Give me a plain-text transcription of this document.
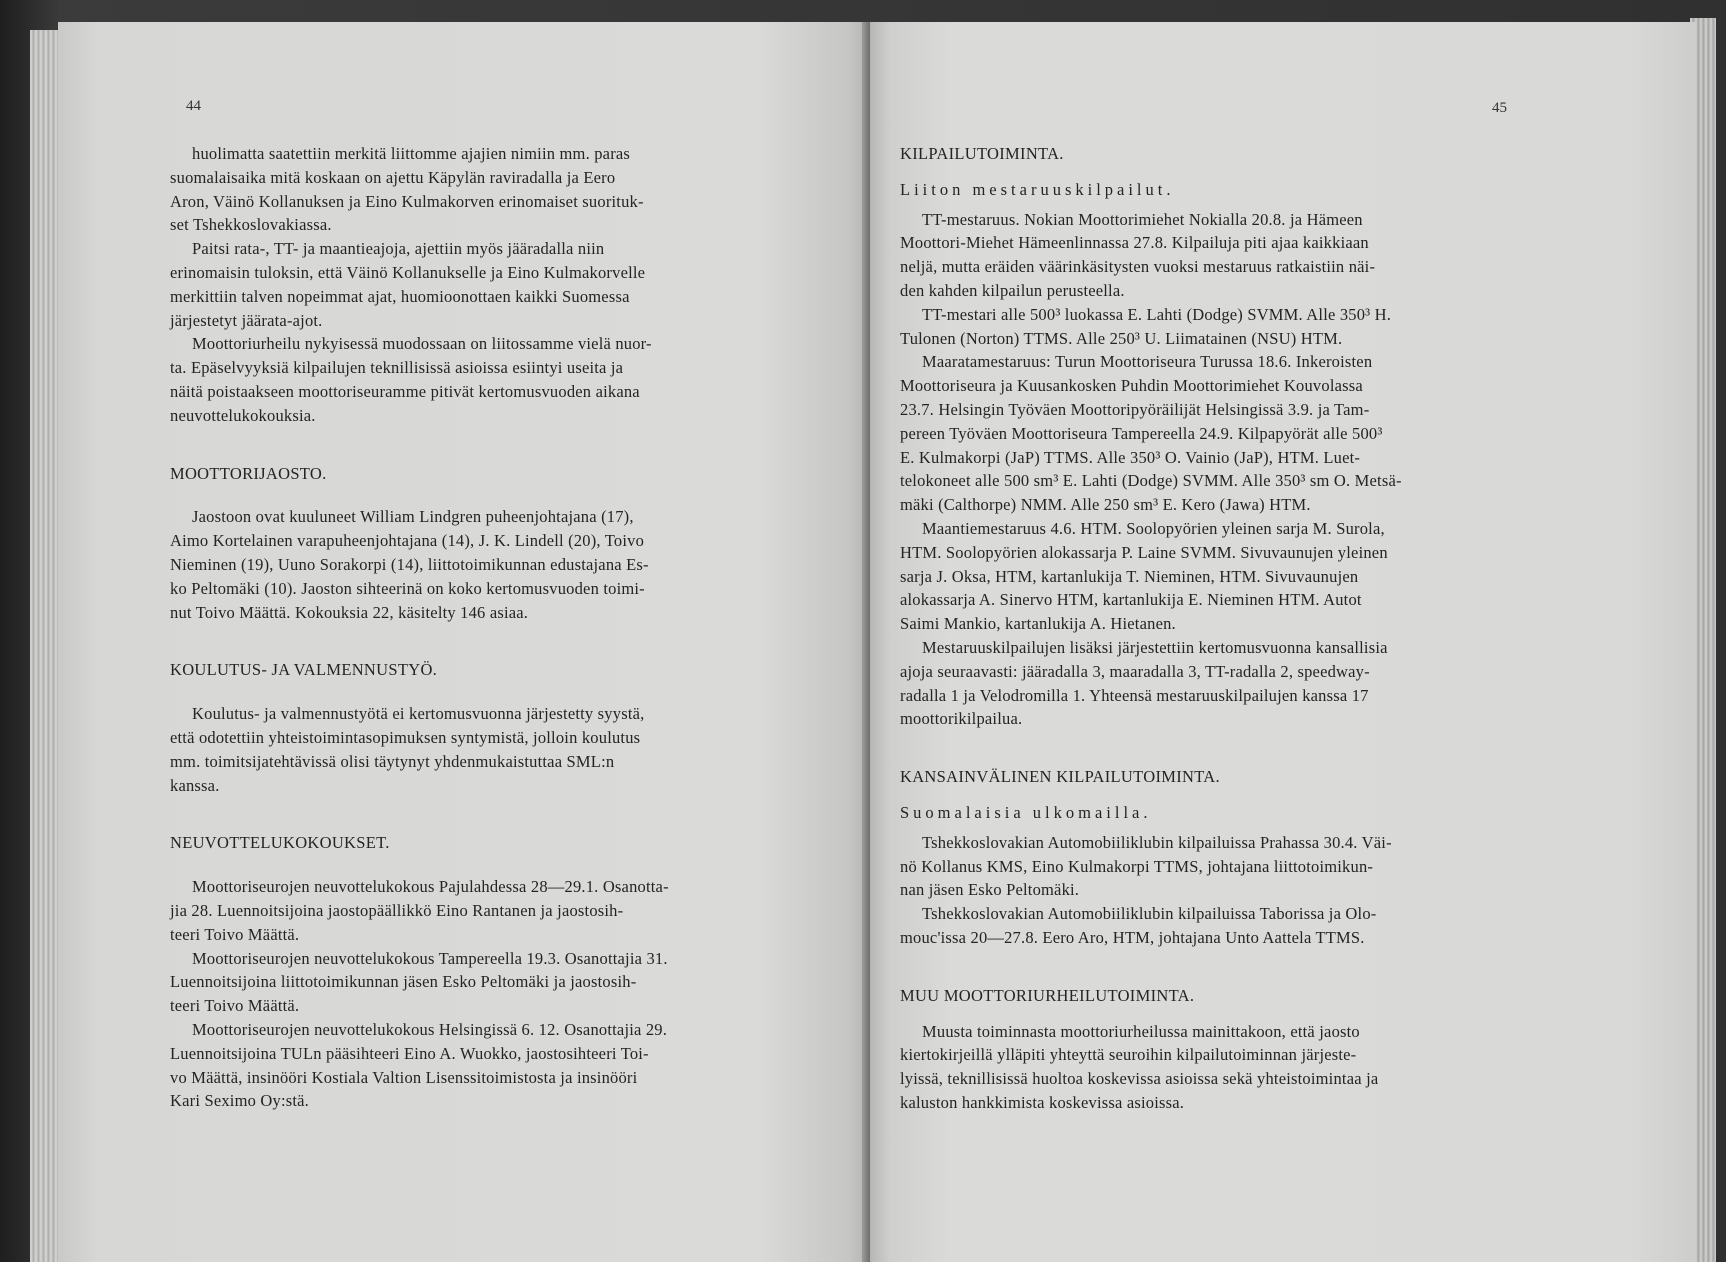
44

huolimatta saatettiin merkitä liittomme ajajien nimiin mm. paras
suomalaisaika mitä koskaan on ajettu Käpylän raviradalla ja Eero
Aron, Väinö Kollanuksen ja Eino Kulmakorven erinomaiset suorituk-
set Tshekkoslovakiassa.

Paitsi rata-, TT- ja maantieajoja, ajettiin myös jääradalla niin
erinomaisin tuloksin, että Väinö Kollanukselle ja Eino Kulmakorvelle
merkittiin talven nopeimmat ajat, huomioonottaen kaikki Suomessa
järjestetyt jäärata-ajot.

Moottoriurheilu nykyisessä muodossaan on liitossamme vielä nuor-
ta. Epäselvyyksiä kilpailujen teknillisissä asioissa esiintyi useita ja
näitä poistaakseen moottoriseuramme pitivät kertomusvuoden aikana
neuvottelukokouksia.

MOOTTORIJAOSTO.

Jaostoon ovat kuuluneet William Lindgren puheenjohtajana (17),
Aimo Kortelainen varapuheenjohtajana (14), J. K. Lindell (20), Toivo
Nieminen (19), Uuno Sorakorpi (14), liittotoimikunnan edustajana Es-
ko Peltomäki (10). Jaoston sihteerinä on koko kertomusvuoden toimi-
nut Toivo Määttä. Kokouksia 22, käsitelty 146 asiaa.

KOULUTUS- JA VALMENNUSTYÖ.

Koulutus- ja valmennustyötä ei kertomusvuonna järjestetty syystä,
että odotettiin yhteistoimintasopimuksen syntymistä, jolloin koulutus
mm. toimitsijatehtävissä olisi täytynyt yhdenmukaistuttaa SML:n
kanssa.

NEUVOTTELUKOKOUKSET.

Moottoriseurojen neuvottelukokous Pajulahdessa 28—29.1. Osanotta-
jia 28. Luennoitsijoina jaostopäällikkö Eino Rantanen ja jaostosih-
teeri Toivo Määttä.

Moottoriseurojen neuvottelukokous Tampereella 19.3. Osanottajia 31.
Luennoitsijoina liittotoimikunnan jäsen Esko Peltomäki ja jaostosih-
teeri Toivo Määttä.

Moottoriseurojen neuvottelukokous Helsingissä 6. 12. Osanottajia 29.
Luennoitsijoina TULn pääsihteeri Eino A. Wuokko, jaostosihteeri Toi-
vo Määttä, insinööri Kostiala Valtion Lisenssitoimistosta ja insinööri
Kari Seximo Oy:stä.

45
KILPAILUTOIMINTA.
Liiton mestaruuskilpailut.

TT-mestaruus. Nokian Moottorimiehet Nokialla 20.8. ja Hämeen
Moottori-Miehet Hämeenlinnassa 27.8. Kilpailuja piti ajaa kaikkiaan
neljä, mutta eräiden väärinkäsitysten vuoksi mestaruus ratkaistiin näi-
den kahden kilpailun perusteella.

TT-mestari alle 500³ luokassa E. Lahti (Dodge) SVMM. Alle 350³ H.
Tulonen (Norton) TTMS. Alle 250³ U. Liimatainen (NSU) HTM.

Maaratamestaruus: Turun Moottoriseura Turussa 18.6. Inkeroisten
Moottoriseura ja Kuusankosken Puhdin Moottorimiehet Kouvolassa
23.7. Helsingin Työväen Moottoripyöräilijät Helsingissä 3.9. ja Tam-
pereen Työväen Moottoriseura Tampereella 24.9. Kilpapyörät alle 500³
E. Kulmakorpi (JaP) TTMS. Alle 350³ O. Vainio (JaP), HTM. Luet-
telokoneet alle 500 sm³ E. Lahti (Dodge) SVMM. Alle 350³ sm O. Metsä-
mäki (Calthorpe) NMM. Alle 250 sm³ E. Kero (Jawa) HTM.

Maantiemestaruus 4.6. HTM. Soolopyörien yleinen sarja M. Surola,
HTM. Soolopyörien alokassarja P. Laine SVMM. Sivuvaunujen yleinen
sarja J. Oksa, HTM, kartanlukija T. Nieminen, HTM. Sivuvaunujen
alokassarja A. Sinervo HTM, kartanlukija E. Nieminen HTM. Autot
Saimi Mankio, kartanlukija A. Hietanen.

Mestaruuskilpailujen lisäksi järjestettiin kertomusvuonna kansallisia
ajoja seuraavasti: jääradalla 3, maaradalla 3, TT-radalla 2, speedway-
radalla 1 ja Velodromilla 1. Yhteensä mestaruuskilpailujen kanssa 17
moottorikilpailua.

KANSAINVÄLINEN KILPAILUTOIMINTA.
Suomalaisia ulkomailla.

Tshekkoslovakian Automobiiliklubin kilpailuissa Prahassa 30.4. Väi-
nö Kollanus KMS, Eino Kulmakorpi TTMS, johtajana liittotoimikun-
nan jäsen Esko Peltomäki.

Tshekkoslovakian Automobiiliklubin kilpailuissa Taborissa ja Olo-
mouc'issa 20—27.8. Eero Aro, HTM, johtajana Unto Aattela TTMS.

MUU MOOTTORIURHEILUTOIMINTA.

Muusta toiminnasta moottoriurheilussa mainittakoon, että jaosto
kiertokirjeillä ylläpiti yhteyttä seuroihin kilpailutoiminnan järjeste-
lyissä, teknillisissä huoltoa koskevissa asioissa sekä yhteistoimintaa ja
kaluston hankkimista koskevissa asioissa.
